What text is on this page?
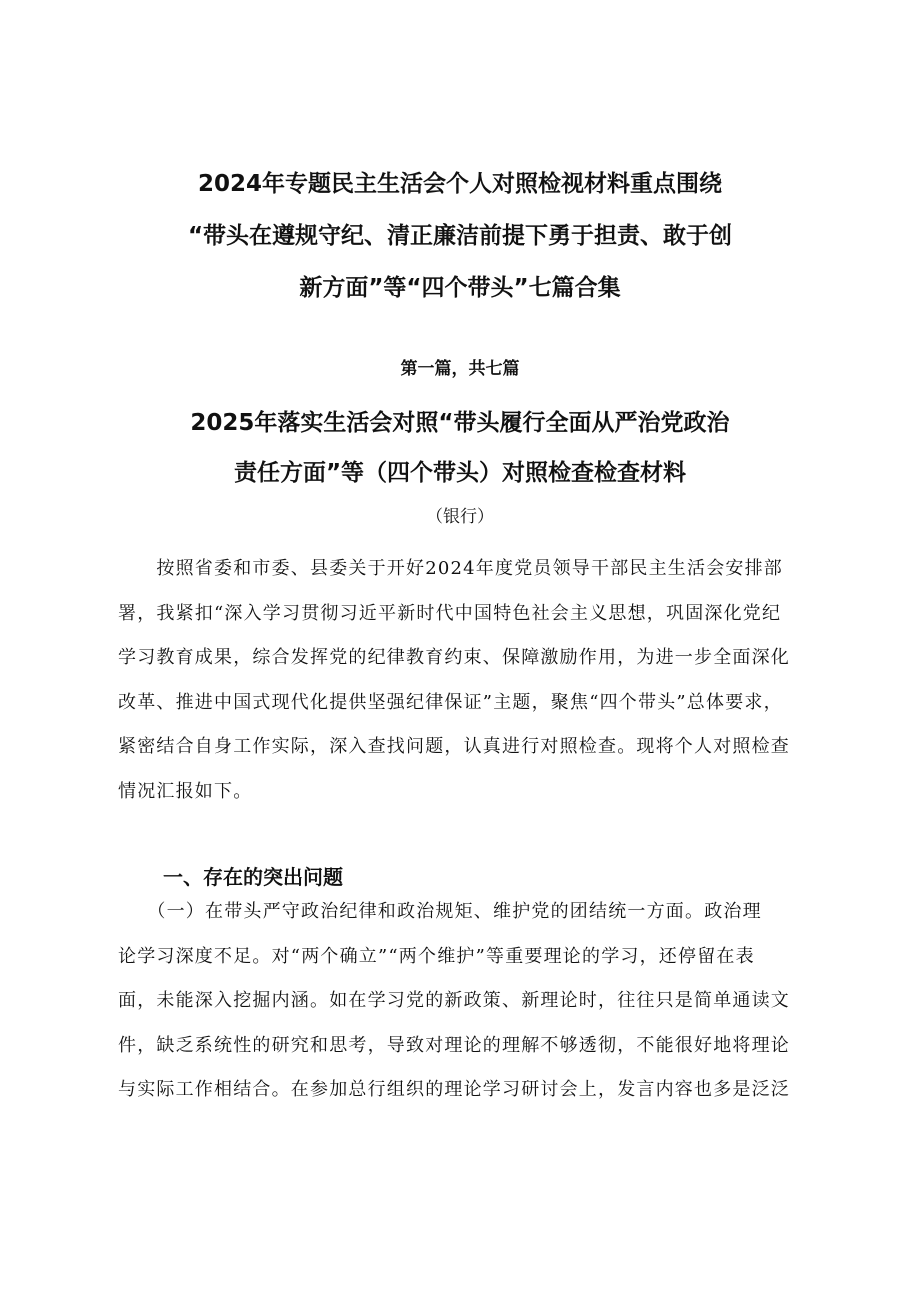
2024年专题民主生活会个人对照检视材料重点围绕
“带头在遵规守纪、清正廉洁前提下勇于担责、敢于创
新方面”等“四个带头”七篇合集
第一篇，共七篇
2025年落实生活会对照“带头履行全面从严治党政治
责任方面”等（四个带头）对照检查检查材料
（银行）

　　按照省委和市委、县委关于开好2024年度党员领导干部民主生活会安排部
署，我紧扣“深入学习贯彻习近平新时代中国特色社会主义思想，巩固深化党纪
学习教育成果，综合发挥党的纪律教育约束、保障激励作用，为进一步全面深化
改革、推进中国式现代化提供坚强纪律保证”主题，聚焦“四个带头”总体要求，
紧密结合自身工作实际，深入查找问题，认真进行对照检查。现将个人对照检查
情况汇报如下。

一、存在的突出问题

　　（一）在带头严守政治纪律和政治规矩、维护党的团结统一方面。政治理
论学习深度不足。对“两个确立”“两个维护”等重要理论的学习，还停留在表
面，未能深入挖掘内涵。如在学习党的新政策、新理论时，往往只是简单通读文
件，缺乏系统性的研究和思考，导致对理论的理解不够透彻，不能很好地将理论
与实际工作相结合。在参加总行组织的理论学习研讨会上，发言内容也多是泛泛
